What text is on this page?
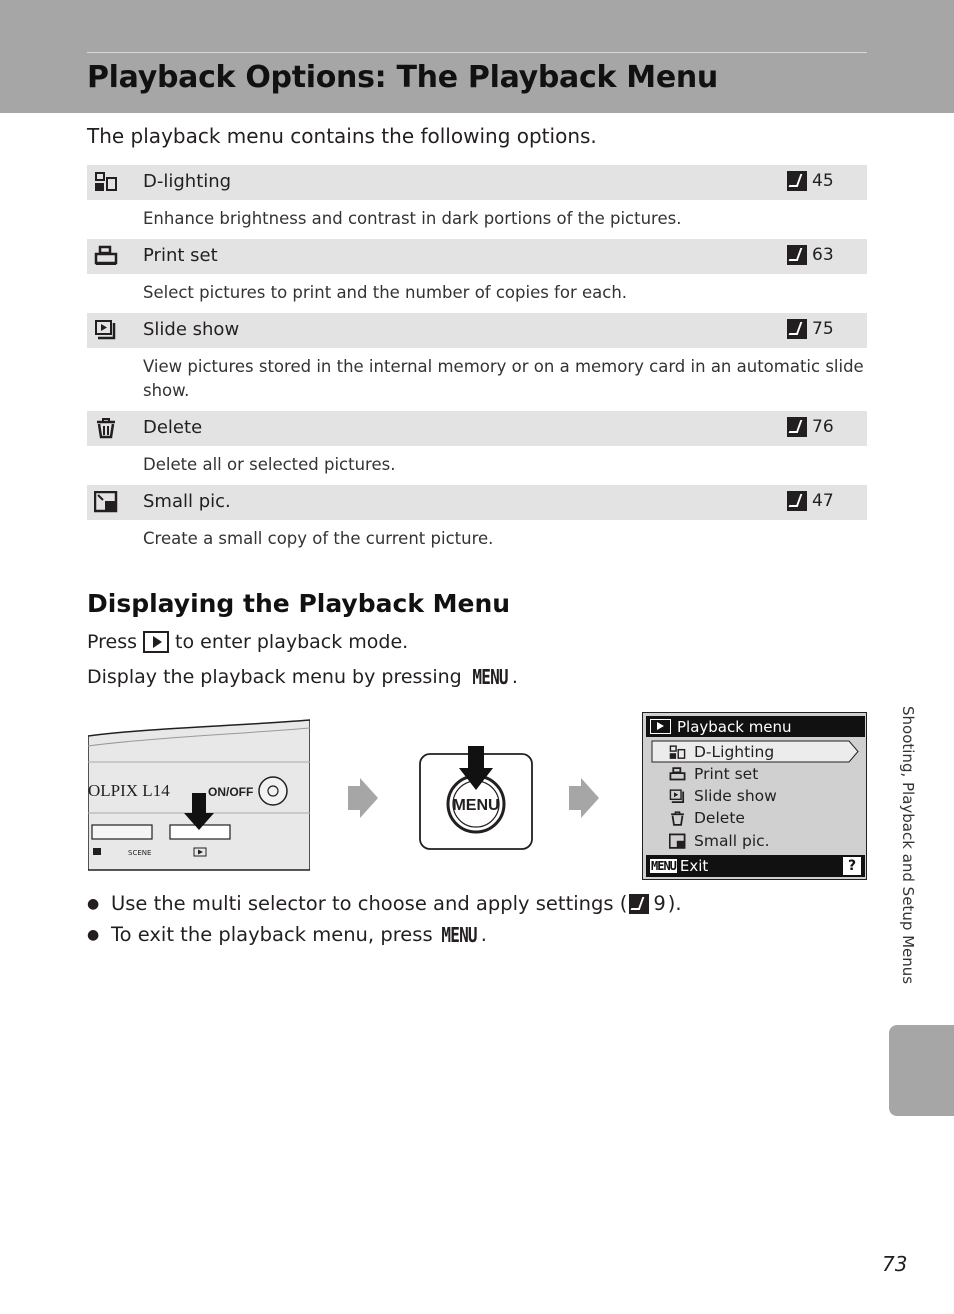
Playback Options: The Playback Menu

The playback menu contains the following options.

D-lighting	45
Enhance brightness and contrast in dark portions of the pictures.
Print set	63
Select pictures to print and the number of copies for each.
Slide show	75
View pictures stored in the internal memory or on a memory card in an automatic slide show.
Delete	76
Delete all or selected pictures.
Small pic.	47
Create a small copy of the current picture.
Displaying the Playback Menu
Press to enter playback mode.
Display the playback menu by pressing MENU .
OLPIX L14	ON/OFF
SCENE
MENU
Playback menu
D-Lighting
Print set
Slide show
Delete
Small pic.
MENU Exit	?
● Use the multi selector to choose and apply settings ( 9 ).
● To exit the playback menu, press MENU .	Shooting, Playback and Setup Menus
73
